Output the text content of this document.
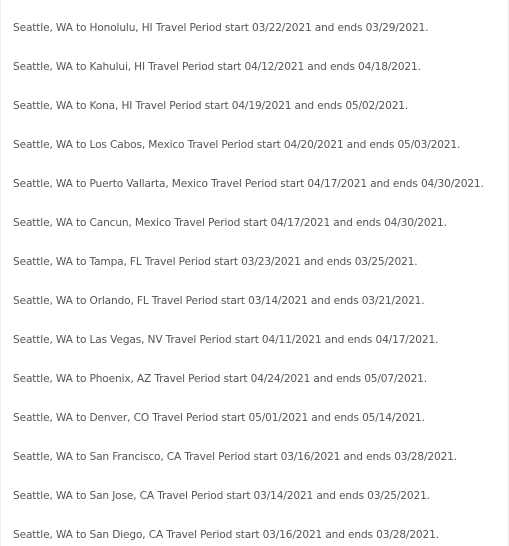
Seattle, WA to Honolulu, HI Travel Period start 03/22/2021 and ends 03/29/2021.
Seattle, WA to Kahului, HI Travel Period start 04/12/2021 and ends 04/18/2021.
Seattle, WA to Kona, HI Travel Period start 04/19/2021 and ends 05/02/2021.
Seattle, WA to Los Cabos, Mexico Travel Period start 04/20/2021 and ends 05/03/2021.
Seattle, WA to Puerto Vallarta, Mexico Travel Period start 04/17/2021 and ends 04/30/2021.
Seattle, WA to Cancun, Mexico Travel Period start 04/17/2021 and ends 04/30/2021.
Seattle, WA to Tampa, FL Travel Period start 03/23/2021 and ends 03/25/2021.
Seattle, WA to Orlando, FL Travel Period start 03/14/2021 and ends 03/21/2021.
Seattle, WA to Las Vegas, NV Travel Period start 04/11/2021 and ends 04/17/2021.
Seattle, WA to Phoenix, AZ Travel Period start 04/24/2021 and ends 05/07/2021.
Seattle, WA to Denver, CO Travel Period start 05/01/2021 and ends 05/14/2021.
Seattle, WA to San Francisco, CA Travel Period start 03/16/2021 and ends 03/28/2021.
Seattle, WA to San Jose, CA Travel Period start 03/14/2021 and ends 03/25/2021.
Seattle, WA to San Diego, CA Travel Period start 03/16/2021 and ends 03/28/2021.
